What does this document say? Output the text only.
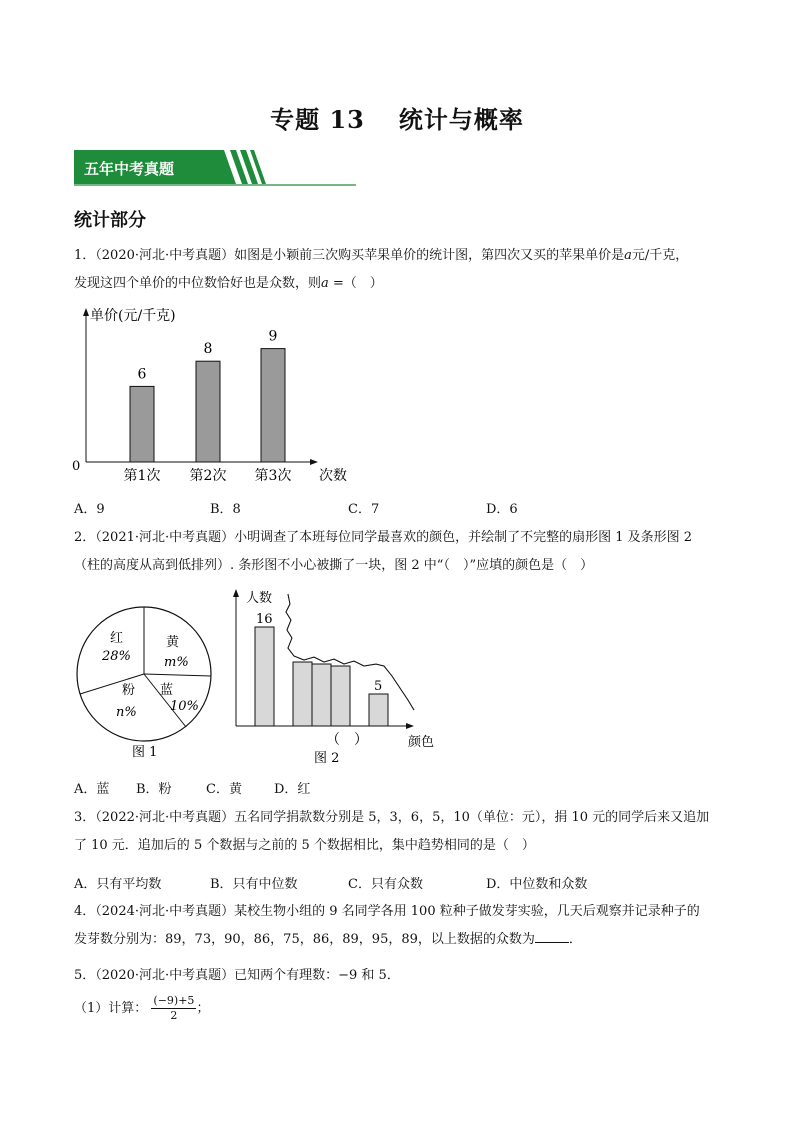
专题 13 统计与概率
五年中考真题
统计部分
1．（2020·河北·中考真题）如图是小颖前三次购买苹果单价的统计图，第四次又买的苹果单价是a元/千克，
发现这四个单价的中位数恰好也是众数，则a =（　）
单价(元/千克)
0
次数
6
第1次
8
第2次
9
第3次
A．9	B．8	C．7	D．6
2．（2021·河北·中考真题）小明调查了本班每位同学最喜欢的颜色，并绘制了不完整的扇形图 1 及条形图 2
（柱的高度从高到低排列）. 条形图不小心被撕了一块，图 2 中“（　）”应填的颜色是（　）
红
28%
黄
m%
蓝
10%
粉
n%
图 1
人数
颜色
16
5
（　）
图 2
A．蓝 B．粉	C．黄 D．红
3．（2022·河北·中考真题）五名同学捐款数分别是 5，3，6，5，10（单位：元），捐 10 元的同学后来又追加
了 10 元．追加后的 5 个数据与之前的 5 个数据相比，集中趋势相同的是（　）
A．只有平均数	B．只有中位数	C．只有众数	D．中位数和众数
4．（2024·河北·中考真题）某校生物小组的 9 名同学各用 100 粒种子做发芽实验，几天后观察并记录种子的
发芽数分别为：89，73，90，86，75，86，89，95，89，以上数据的众数为	．
5．（2020·河北·中考真题）已知两个有理数：−9 和 5．
（1）计算： $\frac{(-9)+5}{2}$ ；
